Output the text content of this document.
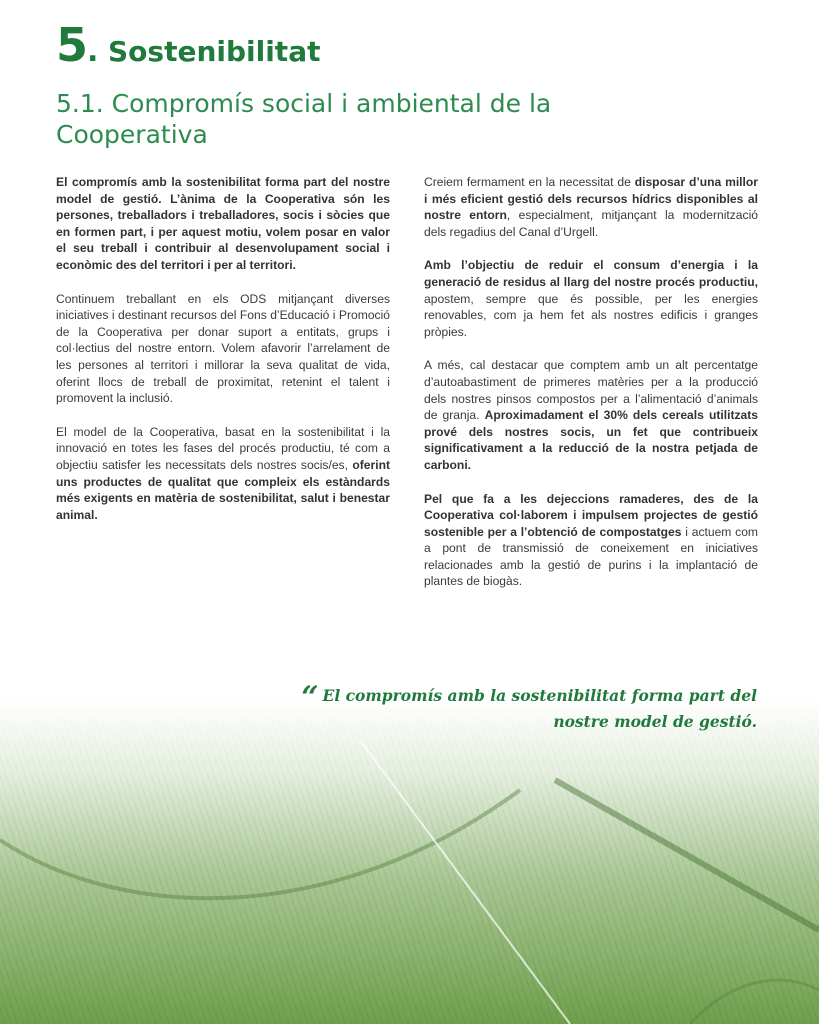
5. Sostenibilitat
5.1. Compromís social i ambiental de la Cooperativa

El compromís amb la sostenibilitat forma part del nostre model de gestió. L’ànima de la Cooperativa són les persones, treballadors i treballadores, socis i sòcies que en formen part, i per aquest motiu, volem posar en valor el seu treball i contribuir al desenvolupament social i econòmic des del territori i per al territori.

Continuem treballant en els ODS mitjançant diverses iniciatives i destinant recursos del Fons d’Educació i Promoció de la Cooperativa per donar suport a entitats, grups i col·lectius del nostre entorn. Volem afavorir l’arrelament de les persones al territori i millorar la seva qualitat de vida, oferint llocs de treball de proximitat, retenint el talent i promovent la inclusió.

El model de la Cooperativa, basat en la sostenibilitat i la innovació en totes les fases del procés productiu, té com a objectiu satisfer les necessitats dels nostres socis/es, oferint uns productes de qualitat que compleix els estàndards més exigents en matèria de sostenibilitat, salut i benestar animal.

Creiem fermament en la necessitat de disposar d’una millor i més eficient gestió dels recursos hídrics disponibles al nostre entorn, especialment, mitjançant la modernització dels regadius del Canal d’Urgell.

Amb l’objectiu de reduir el consum d’energia i la generació de residus al llarg del nostre procés productiu, apostem, sempre que és possible, per les energies renovables, com ja hem fet als nostres edificis i granges pròpies.

A més, cal destacar que comptem amb un alt percentatge d’autoabastiment de primeres matèries per a la producció dels nostres pinsos compostos per a l’alimentació d’animals de granja. Aproximadament el 30% dels cereals utilitzats prové dels nostres socis, un fet que contribueix significativament a la reducció de la nostra petjada de carboni.

Pel que fa a les dejeccions ramaderes, des de la Cooperativa col·laborem i impulsem projectes de gestió sostenible per a l’obtenció de compostatges i actuem com a pont de transmissió de coneixement en iniciatives relacionades amb la gestió de purins i la implantació de plantes de biogàs.

“ El compromís amb la sostenibilitat forma part del
nostre model de gestió.
